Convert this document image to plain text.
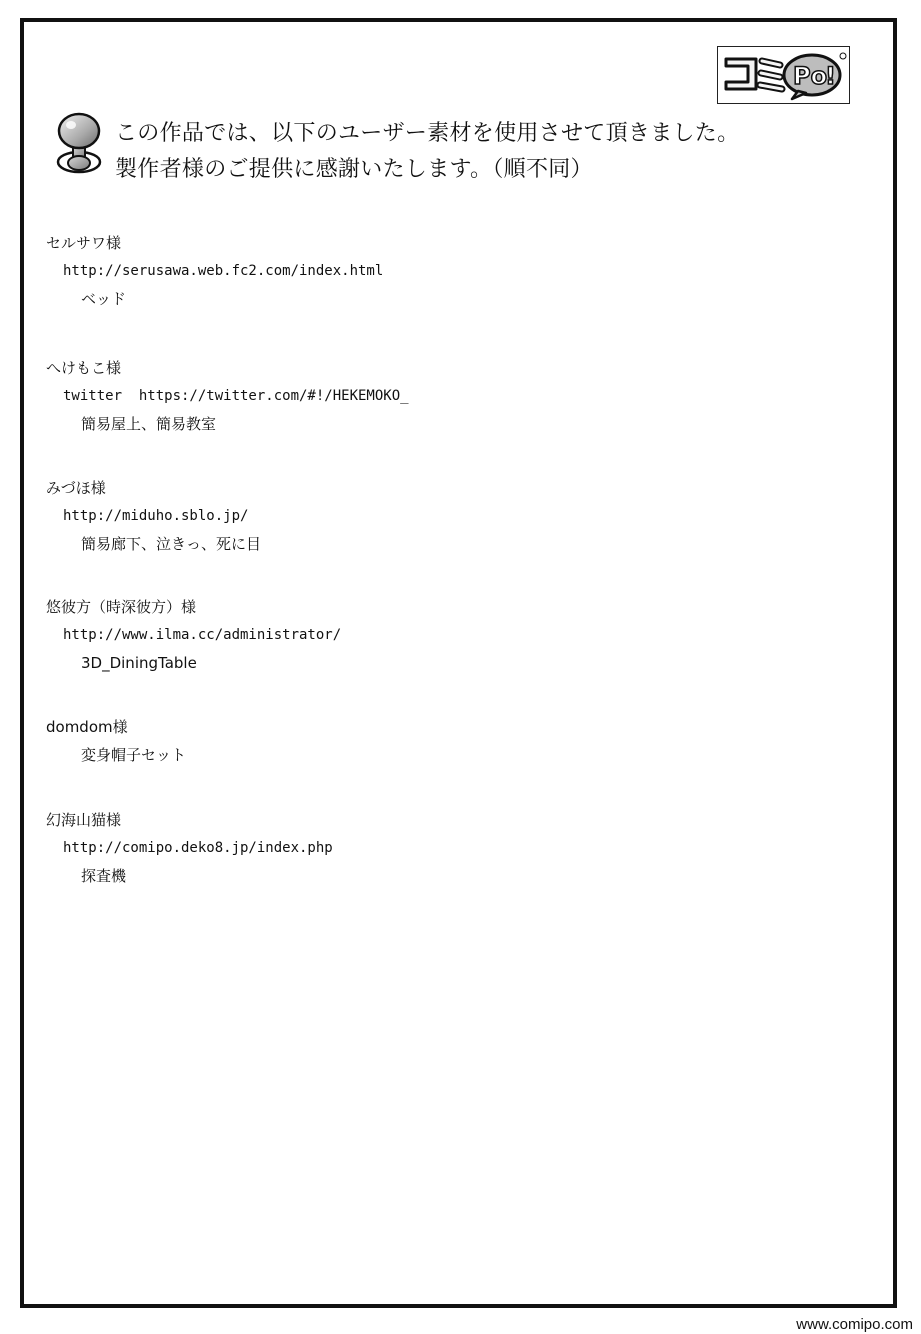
Po
!
この作品では、以下のユーザー素材を使用させて頂きました。
製作者様のご提供に感謝いたします。（順不同）
セルサワ様
http://serusawa.web.fc2.com/index.html
ベッド
へけもこ様
twitter  https://twitter.com/#!/HEKEMOKO_
簡易屋上、簡易教室
みづほ様
http://miduho.sblo.jp/
簡易廊下、泣きっ、死に目
悠彼方（時深彼方）様
http://www.ilma.cc/administrator/
3D_DiningTable
domdom様
変身帽子セット
幻海山猫様
http://comipo.deko8.jp/index.php
探査機
www.comipo.com
